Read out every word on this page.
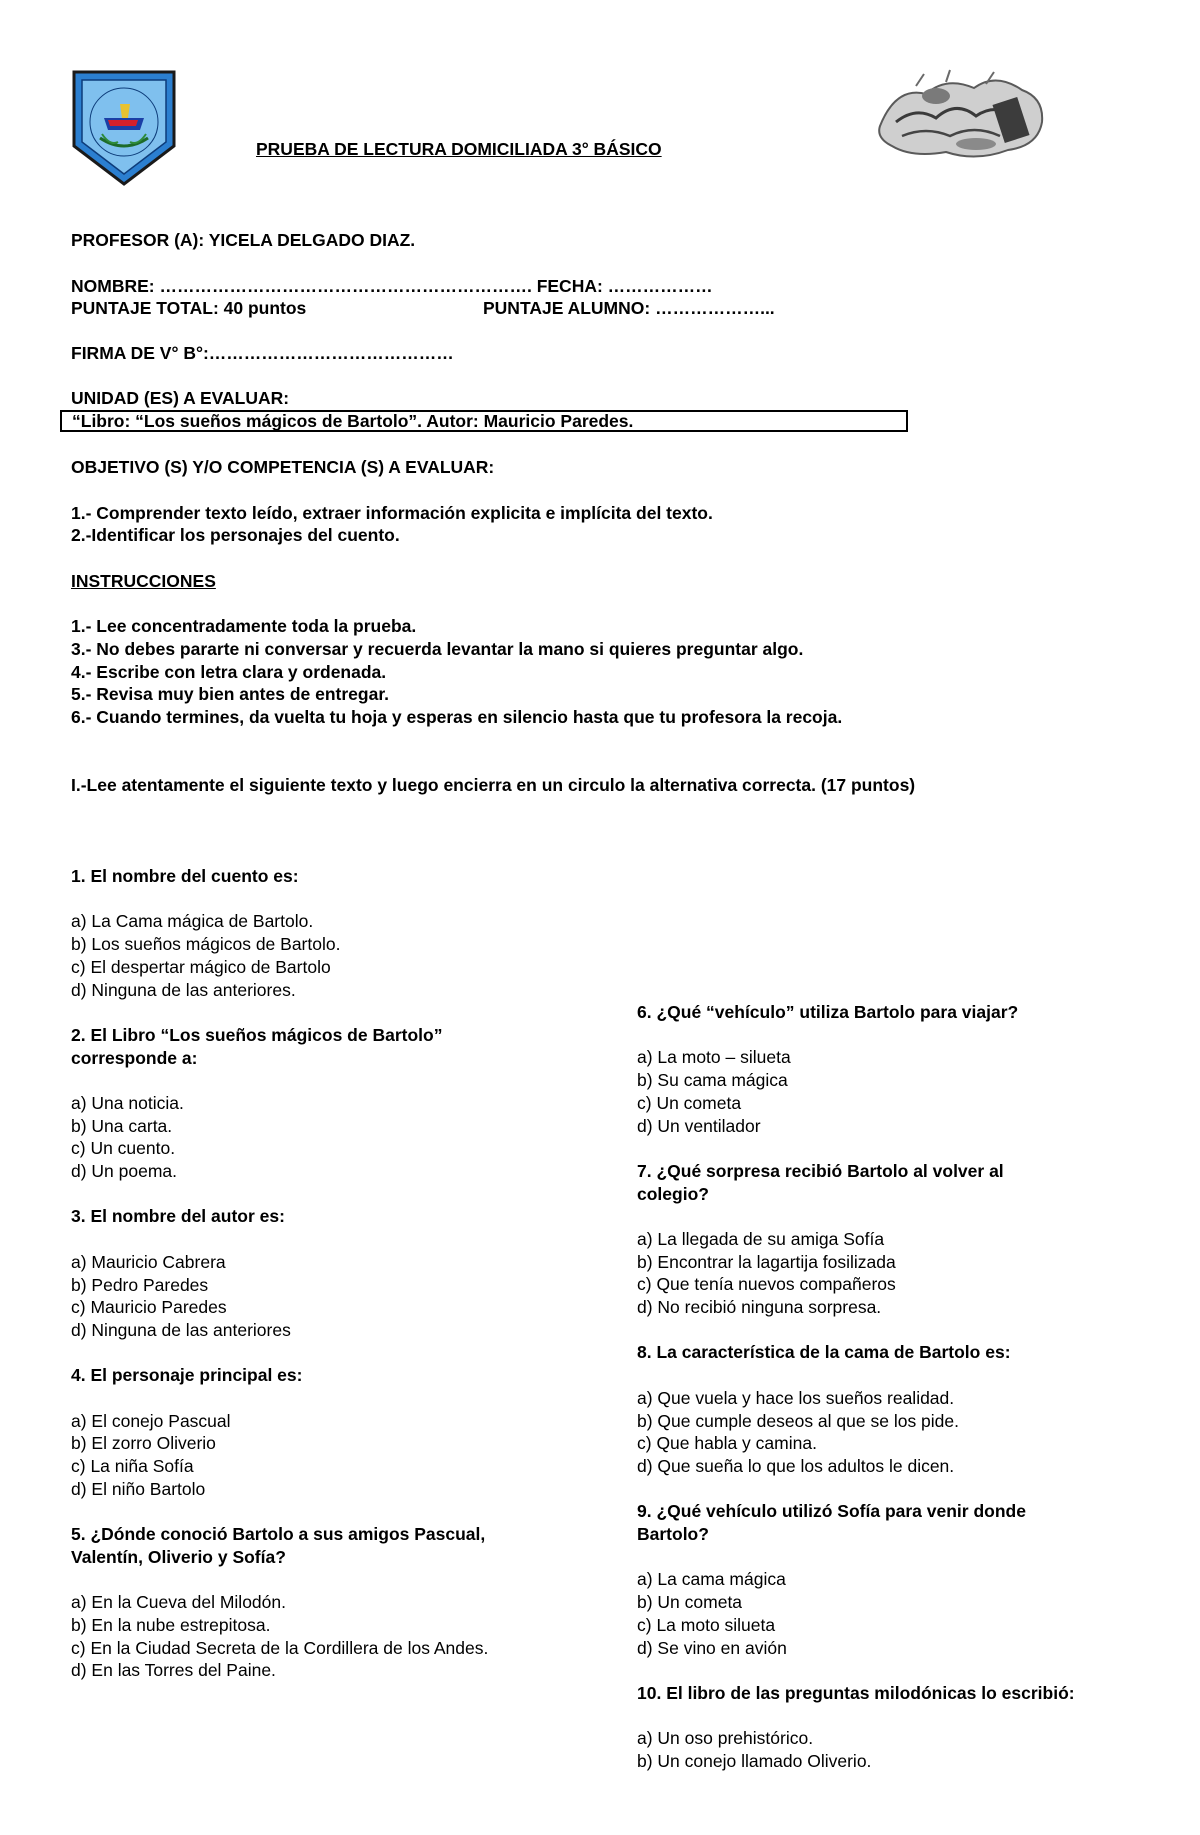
PRUEBA DE LECTURA DOMICILIADA 3° BÁSICO
PROFESOR (A): YICELA DELGADO DIAZ.
NOMBRE: ………………………………………………………. FECHA: ………………
PUNTAJE TOTAL: 40 puntos	PUNTAJE ALUMNO: ………………...
FIRMA DE V° B°:……………………………………
UNIDAD (ES) A EVALUAR:
“Libro: “Los sueños mágicos de Bartolo”. Autor: Mauricio Paredes.
OBJETIVO (S) Y/O COMPETENCIA (S) A EVALUAR:
1.- Comprender texto leído, extraer información explicita e implícita del texto.
2.-Identificar los personajes del cuento.
INSTRUCCIONES
1.- Lee concentradamente toda la prueba.
3.- No debes pararte ni conversar y recuerda levantar la mano si quieres preguntar algo.
4.- Escribe con letra clara y ordenada.
5.- Revisa muy bien antes de entregar.
6.- Cuando termines, da vuelta tu hoja y esperas en silencio hasta que tu profesora la recoja.
I.-Lee atentamente el siguiente texto y luego encierra en un circulo la alternativa correcta. (17 puntos)
1. El nombre del cuento es:
a) La Cama mágica de Bartolo.
b) Los sueños mágicos de Bartolo.
c) El despertar mágico de Bartolo
d) Ninguna de las anteriores.
2. El Libro “Los sueños mágicos de Bartolo”
corresponde a:
a) Una noticia.
b) Una carta.
c) Un cuento.
d) Un poema.
3. El nombre del autor es:
a) Mauricio Cabrera
b) Pedro Paredes
c) Mauricio Paredes
d) Ninguna de las anteriores
4. El personaje principal es:
a) El conejo Pascual
b) El zorro Oliverio
c) La niña Sofía
d) El niño Bartolo
5. ¿Dónde conoció Bartolo a sus amigos Pascual,
Valentín, Oliverio y Sofía?
a) En la Cueva del Milodón.
b) En la nube estrepitosa.
c) En la Ciudad Secreta de la Cordillera de los Andes.
d) En las Torres del Paine.
6. ¿Qué “vehículo” utiliza Bartolo para viajar?
a) La moto – silueta
b) Su cama mágica
c) Un cometa
d) Un ventilador
7. ¿Qué sorpresa recibió Bartolo al volver al
colegio?
a) La llegada de su amiga Sofía
b) Encontrar la lagartija fosilizada
c) Que tenía nuevos compañeros
d) No recibió ninguna sorpresa.
8. La característica de la cama de Bartolo es:
a) Que vuela y hace los sueños realidad.
b) Que cumple deseos al que se los pide.
c) Que habla y camina.
d) Que sueña lo que los adultos le dicen.
9. ¿Qué vehículo utilizó Sofía para venir donde
Bartolo?
a) La cama mágica
b) Un cometa
c) La moto silueta
d) Se vino en avión
10. El libro de las preguntas milodónicas lo escribió:
a) Un oso prehistórico.
b) Un conejo llamado Oliverio.
